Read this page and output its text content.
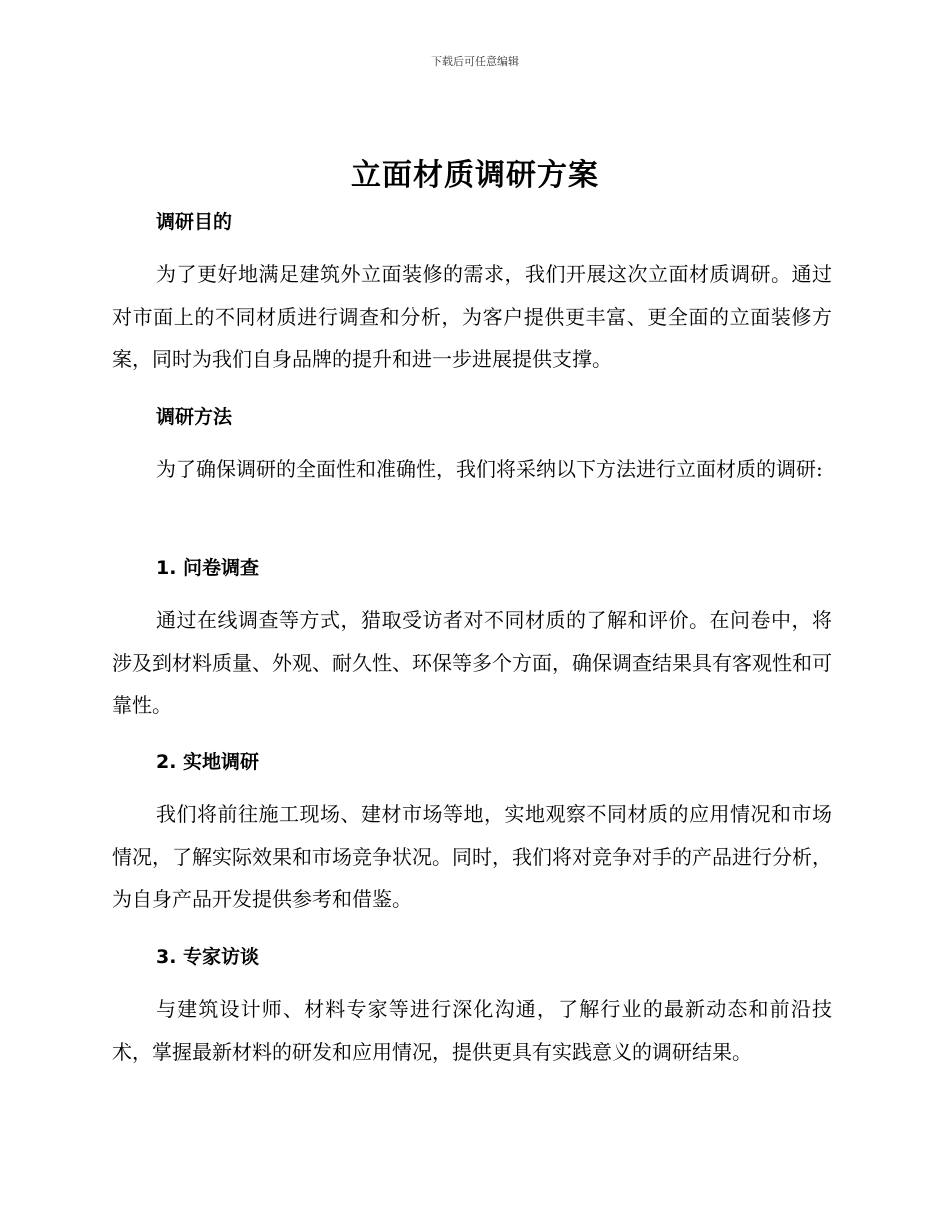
下载后可任意编辑
立面材质调研方案
调研目的

为了更好地满足建筑外立面装修的需求，我们开展这次立面材质调研。通过对市面上的不同材质进行调查和分析，为客户提供更丰富、更全面的立面装修方案，同时为我们自身品牌的提升和进一步进展提供支撑。

调研方法

为了确保调研的全面性和准确性，我们将采纳以下方法进行立面材质的调研:

1. 问卷调查

通过在线调查等方式，猎取受访者对不同材质的了解和评价。在问卷中，将涉及到材料质量、外观、耐久性、环保等多个方面，确保调查结果具有客观性和可靠性。

2. 实地调研

我们将前往施工现场、建材市场等地，实地观察不同材质的应用情况和市场情况，了解实际效果和市场竞争状况。同时，我们将对竞争对手的产品进行分析，为自身产品开发提供参考和借鉴。

3. 专家访谈

与建筑设计师、材料专家等进行深化沟通，了解行业的最新动态和前沿技术，掌握最新材料的研发和应用情况，提供更具有实践意义的调研结果。
